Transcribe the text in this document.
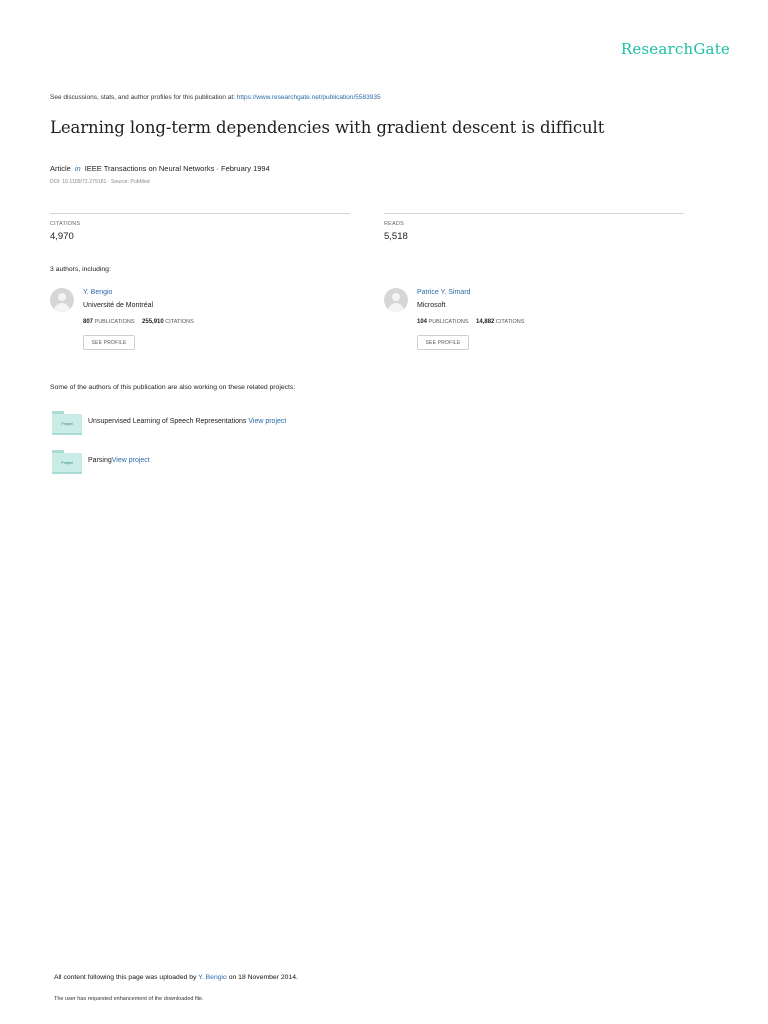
ResearchGate
See discussions, stats, and author profiles for this publication at: https://www.researchgate.net/publication/5583935
Learning long-term dependencies with gradient descent is difficult
Article in IEEE Transactions on Neural Networks · February 1994
DOI: 10.1109/72.279181 · Source: PubMed
CITATIONS
4,970
READS
5,518
3 authors, including:
Y. Bengio
Université de Montréal
807 PUBLICATIONS 255,910 CITATIONS
SEE PROFILE
Patrice Y. Simard
Microsoft
104 PUBLICATIONS 14,882 CITATIONS
SEE PROFILE
Some of the authors of this publication are also working on these related projects:
Project	Unsupervised Learning of Speech Representations View project
Project	ParsingView project
All content following this page was uploaded by Y. Bengio on 18 November 2014.
The user has requested enhancement of the downloaded file.
